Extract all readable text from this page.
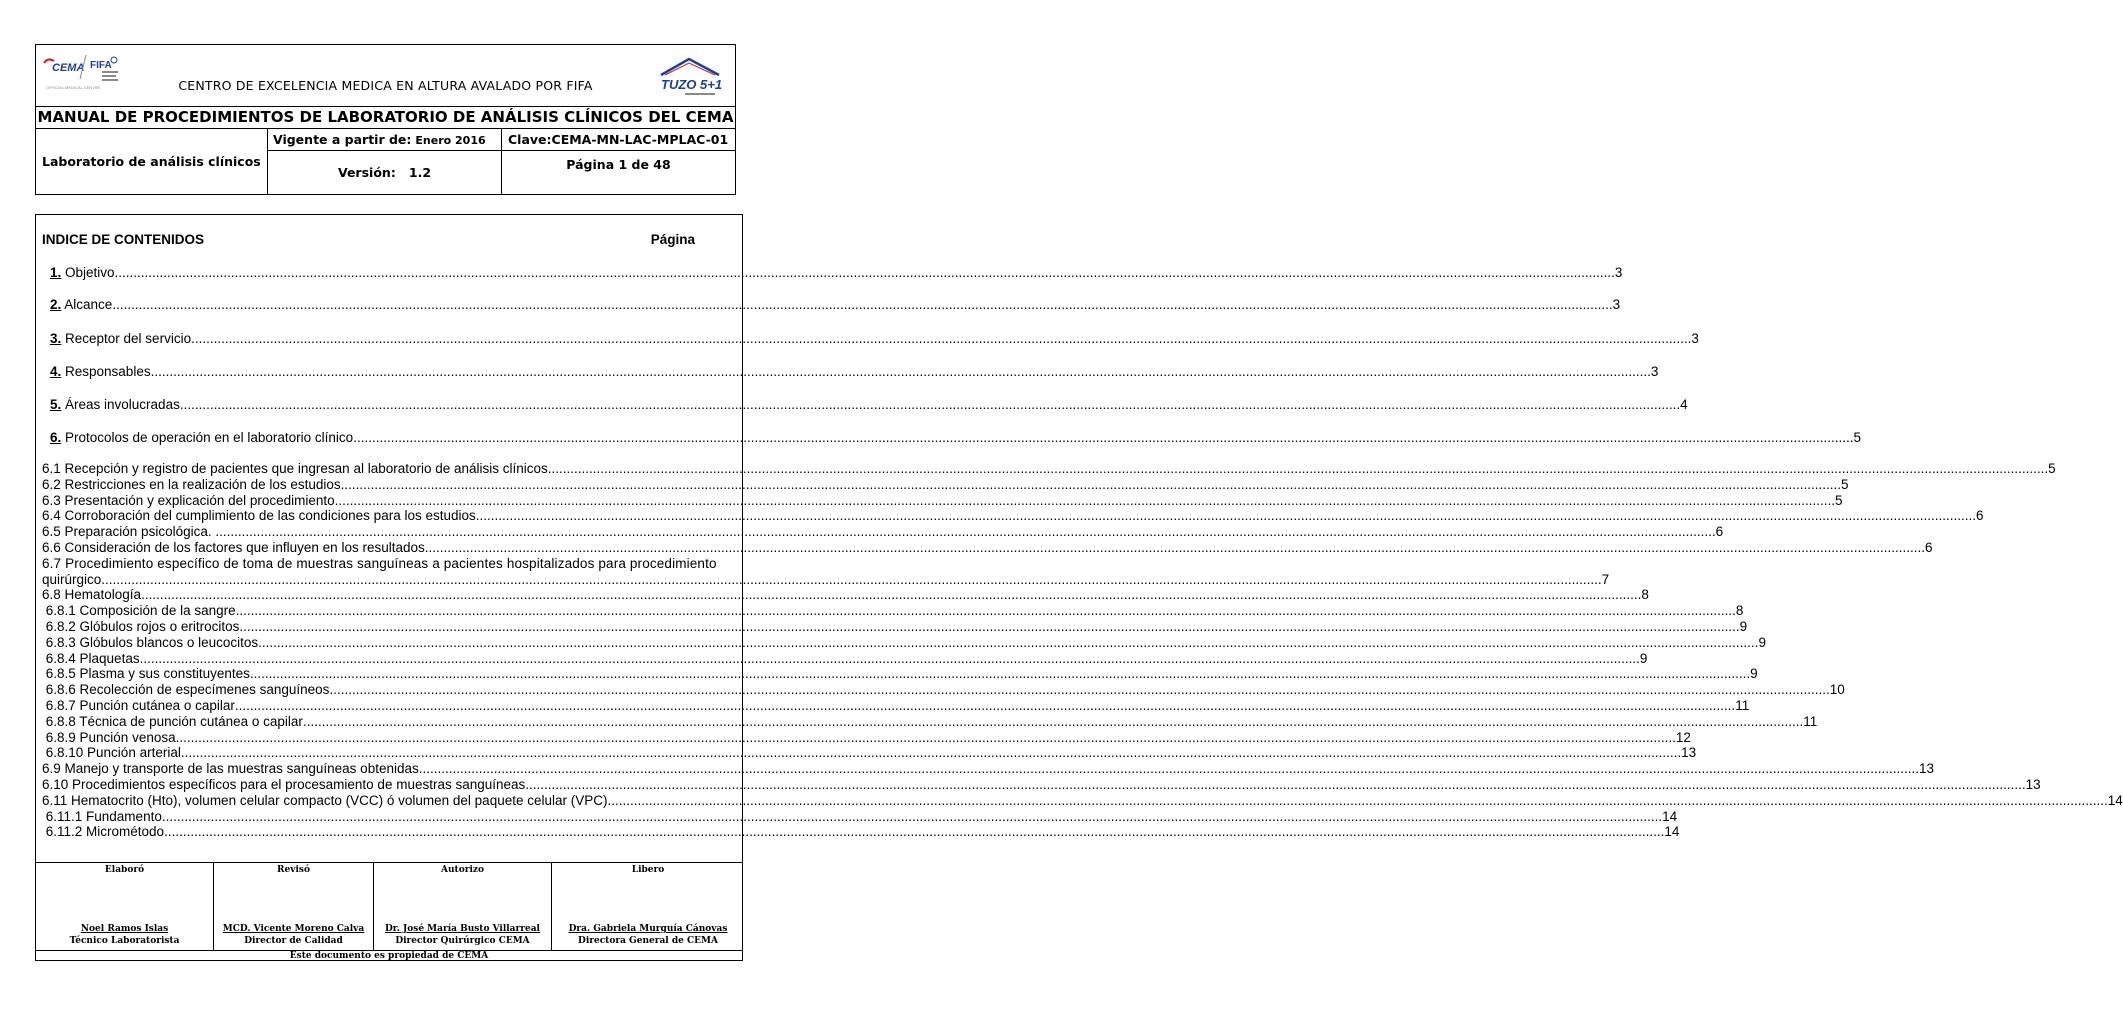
CEMA FIFA
OFFICIAL MEDICAL CENTRE	CENTRO DE EXCELENCIA MEDICA EN ALTURA AVALADO POR FIFA	TUZO 5+1
MANUAL DE PROCEDIMIENTOS DE LABORATORIO DE ANÁLISIS CLÍNICOS DEL CEMA
Laboratorio de análisis clínicos
Vigente a partir de: Enero 2016
Versión: 1.2
Clave:CEMA-MN-LAC-MPLAC-01
Página 1 de 48
INDICE DE CONTENIDOS	Página
1. Objetivo ................................................................................................................................................................................................................................................................................................................................................................................................................ 3
2. Alcance ................................................................................................................................................................................................................................................................................................................................................................................................................ 3
3. Receptor del servicio ................................................................................................................................................................................................................................................................................................................................................................................................................ 3
4. Responsables ................................................................................................................................................................................................................................................................................................................................................................................................................ 3
5. Áreas involucradas ................................................................................................................................................................................................................................................................................................................................................................................................................ 4
6. Protocolos de operación en el laboratorio clínico ................................................................................................................................................................................................................................................................................................................................................................................................................ 5
6.1 Recepción y registro de pacientes que ingresan al laboratorio de análisis clínicos ................................................................................................................................................................................................................................................................................................................................................................................................................ 5
6.2 Restricciones en la realización de los estudios ................................................................................................................................................................................................................................................................................................................................................................................................................ 5
6.3 Presentación y explicación del procedimiento ................................................................................................................................................................................................................................................................................................................................................................................................................ 5
6.4 Corroboración del cumplimiento de las condiciones para los estudios ................................................................................................................................................................................................................................................................................................................................................................................................................ 6
6.5 Preparación psicológica. ................................................................................................................................................................................................................................................................................................................................................................................................................ 6
6.6 Consideración de los factores que influyen en los resultados ................................................................................................................................................................................................................................................................................................................................................................................................................ 6
6.7 Procedimiento específico de toma de muestras sanguíneas a pacientes hospitalizados para procedimiento
quirúrgico ................................................................................................................................................................................................................................................................................................................................................................................................................ 7
6.8 Hematología ................................................................................................................................................................................................................................................................................................................................................................................................................ 8
6.8.1 Composición de la sangre ................................................................................................................................................................................................................................................................................................................................................................................................................ 8
6.8.2 Glóbulos rojos o eritrocitos ................................................................................................................................................................................................................................................................................................................................................................................................................ 9
6.8.3 Glóbulos blancos o leucocitos ................................................................................................................................................................................................................................................................................................................................................................................................................ 9
6.8.4 Plaquetas ................................................................................................................................................................................................................................................................................................................................................................................................................ 9
6.8.5 Plasma y sus constituyentes ................................................................................................................................................................................................................................................................................................................................................................................................................ 9
6.8.6 Recolección de especímenes sanguíneos ................................................................................................................................................................................................................................................................................................................................................................................................................ 10
6.8.7 Punción cutánea o capilar ................................................................................................................................................................................................................................................................................................................................................................................................................ 11
6.8.8 Técnica de punción cutánea o capilar ................................................................................................................................................................................................................................................................................................................................................................................................................ 11
6.8.9 Punción venosa ................................................................................................................................................................................................................................................................................................................................................................................................................ 12
6.8.10 Punción arterial ................................................................................................................................................................................................................................................................................................................................................................................................................ 13
6.9 Manejo y transporte de las muestras sanguíneas obtenidas ................................................................................................................................................................................................................................................................................................................................................................................................................ 13
6.10 Procedimientos específicos para el procesamiento de muestras sanguíneas ................................................................................................................................................................................................................................................................................................................................................................................................................ 13
6.11 Hematocrito (Hto), volumen celular compacto (VCC) ó volumen del paquete celular (VPC) ................................................................................................................................................................................................................................................................................................................................................................................................................ 14
6.11.1 Fundamento ................................................................................................................................................................................................................................................................................................................................................................................................................ 14
6.11.2 Micrométodo ................................................................................................................................................................................................................................................................................................................................................................................................................ 14
Elaboró
Noel Ramos Islas
Técnico Laboratorista
Revisó
MCD. Vicente Moreno Calva
Director de Calidad
Autorizo
Dr. José María Busto Villarreal
Director Quirúrgico CEMA
Libero
Dra. Gabriela Murguía Cánovas
Directora General de CEMA
Este documento es propiedad de CEMA
